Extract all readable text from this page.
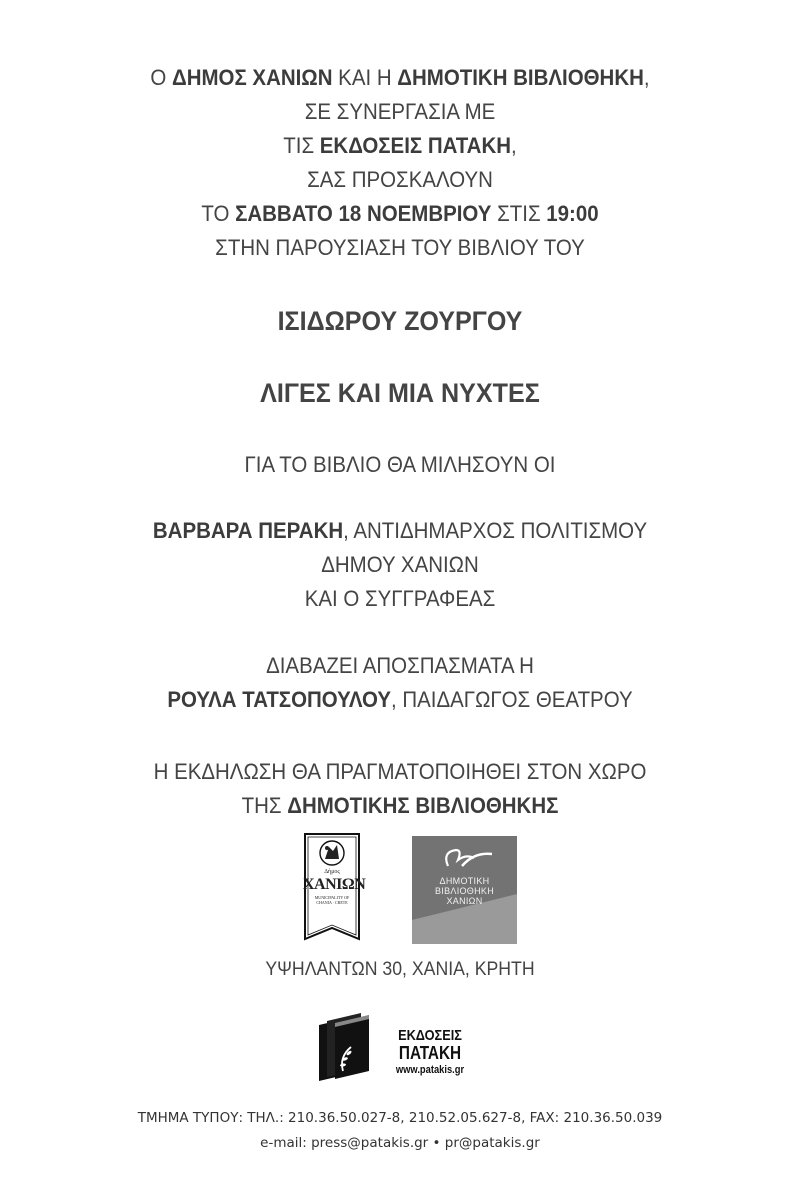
Ο ΔΗΜΟΣ ΧΑΝΙΩΝ ΚΑΙ Η ΔΗΜΟΤΙΚΗ ΒΙΒΛΙΟΘΗΚΗ,
ΣΕ ΣΥΝΕΡΓΑΣΙΑ ΜΕ
ΤΙΣ ΕΚΔΟΣΕΙΣ ΠΑΤΑΚΗ,
ΣΑΣ ΠΡΟΣΚΑΛΟΥΝ
ΤΟ ΣΑΒΒΑΤΟ 18 ΝΟΕΜΒΡΙΟΥ ΣΤΙΣ 19:00
ΣΤΗΝ ΠΑΡΟΥΣΙΑΣΗ ΤΟΥ ΒΙΒΛΙΟΥ ΤΟΥ
ΙΣΙΔΩΡΟΥ ΖΟΥΡΓΟΥ
ΛΙΓΕΣ ΚΑΙ ΜΙΑ ΝΥΧΤΕΣ
ΓΙΑ ΤΟ ΒΙΒΛΙΟ ΘΑ ΜΙΛΗΣΟΥΝ ΟΙ
ΒΑΡΒΑΡΑ ΠΕΡΑΚΗ, ΑΝΤΙΔΗΜΑΡΧΟΣ ΠΟΛΙΤΙΣΜΟΥ
ΔΗΜΟΥ ΧΑΝΙΩΝ
ΚΑΙ Ο ΣΥΓΓΡΑΦΕΑΣ
ΔΙΑΒΑΖΕΙ ΑΠΟΣΠΑΣΜΑΤΑ Η
ΡΟΥΛΑ ΤΑΤΣΟΠΟΥΛΟΥ, ΠΑΙΔΑΓΩΓΟΣ ΘΕΑΤΡΟΥ
Η ΕΚΔΗΛΩΣΗ ΘΑ ΠΡΑΓΜΑΤΟΠΟΙΗΘΕΙ ΣΤΟΝ ΧΩΡΟ
ΤΗΣ ΔΗΜΟΤΙΚΗΣ ΒΙΒΛΙΟΘΗΚΗΣ
Δήμος
ΧΑΝΙΩΝ
MUNICIPALITY OF
CHANIA · CRETE
ΔΗΜΟΤΙΚΗ
ΒΙΒΛΙΟΘΗΚΗ
ΧΑΝΙΩΝ
ΥΨΗΛΑΝΤΩΝ 30, ΧΑΝΙΑ, ΚΡΗΤΗ
ΕΚΔΟΣΕΙΣ
ΠΑΤΑΚΗ
www.patakis.gr
ΤΜΗΜΑ ΤΥΠΟΥ: ΤΗΛ.: 210.36.50.027-8, 210.52.05.627-8, FAX: 210.36.50.039
e-mail: press@patakis.gr • pr@patakis.gr
